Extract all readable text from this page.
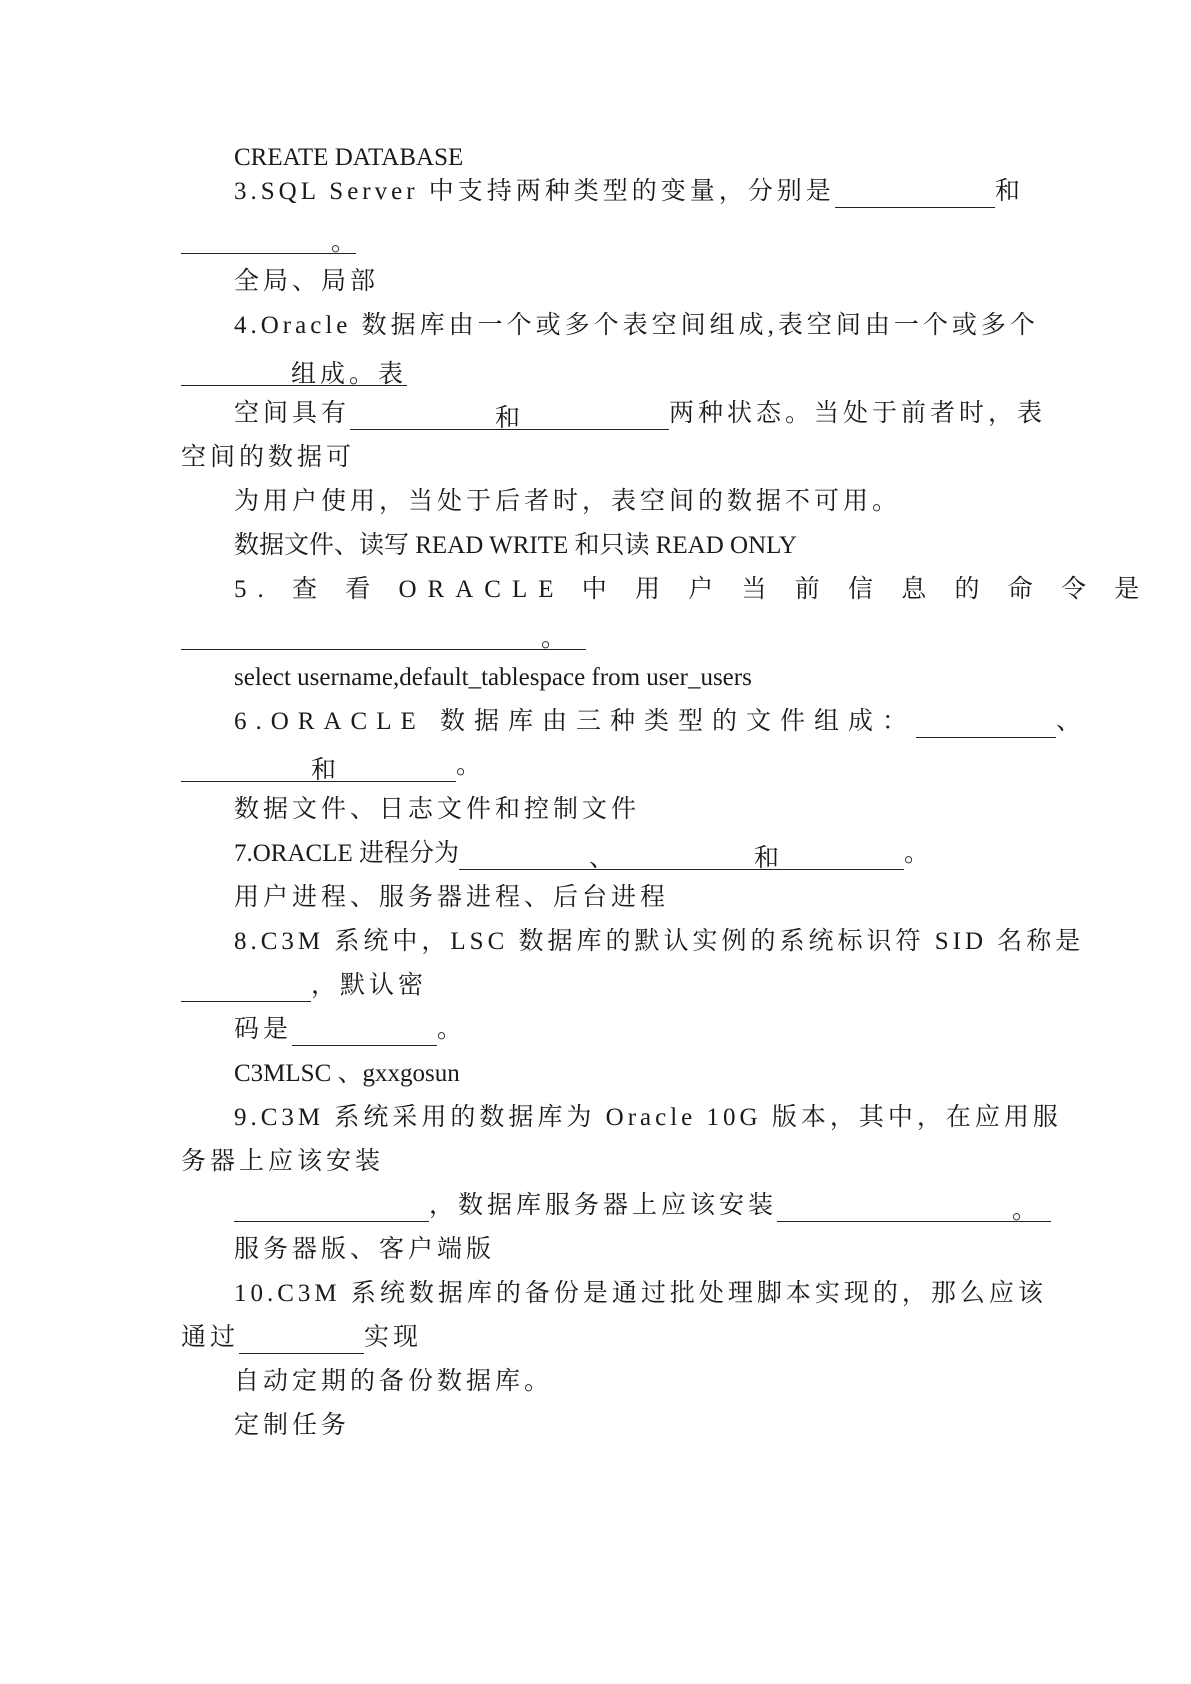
CREATE DATABASE
3.SQL Server 中支持两种类型的变量，分别是	和
。
全局、局部
4.Oracle 数据库由一个或多个表空间组成,表空间由一个或多个
组成。表
空间具有	和	两种状态。当处于前者时，表
空间的数据可
为用户使用，当处于后者时，表空间的数据不可用。
数据文件、读写 READ WRITE 和只读 READ ONLY
5. 查 看 ORACLE 中 用 户 当 前 信 息 的 命 令 是
。
select username,default_tablespace from user_users
6.ORACLE 数据库由三种类型的文件组成：	、
和	。
数据文件、日志文件和控制文件
7.ORACLE 进程分为	、	和	。
用户进程、服务器进程、后台进程
8.C3M 系统中，LSC 数据库的默认实例的系统标识符 SID 名称是
，默认密
码是	。
C3MLSC 、gxxgosun
9.C3M 系统采用的数据库为 Oracle 10G 版本，其中，在应用服
务器上应该安装
，数据库服务器上应该安装	。
服务器版、客户端版
10.C3M 系统数据库的备份是通过批处理脚本实现的，那么应该
通过	实现
自动定期的备份数据库。
定制任务
